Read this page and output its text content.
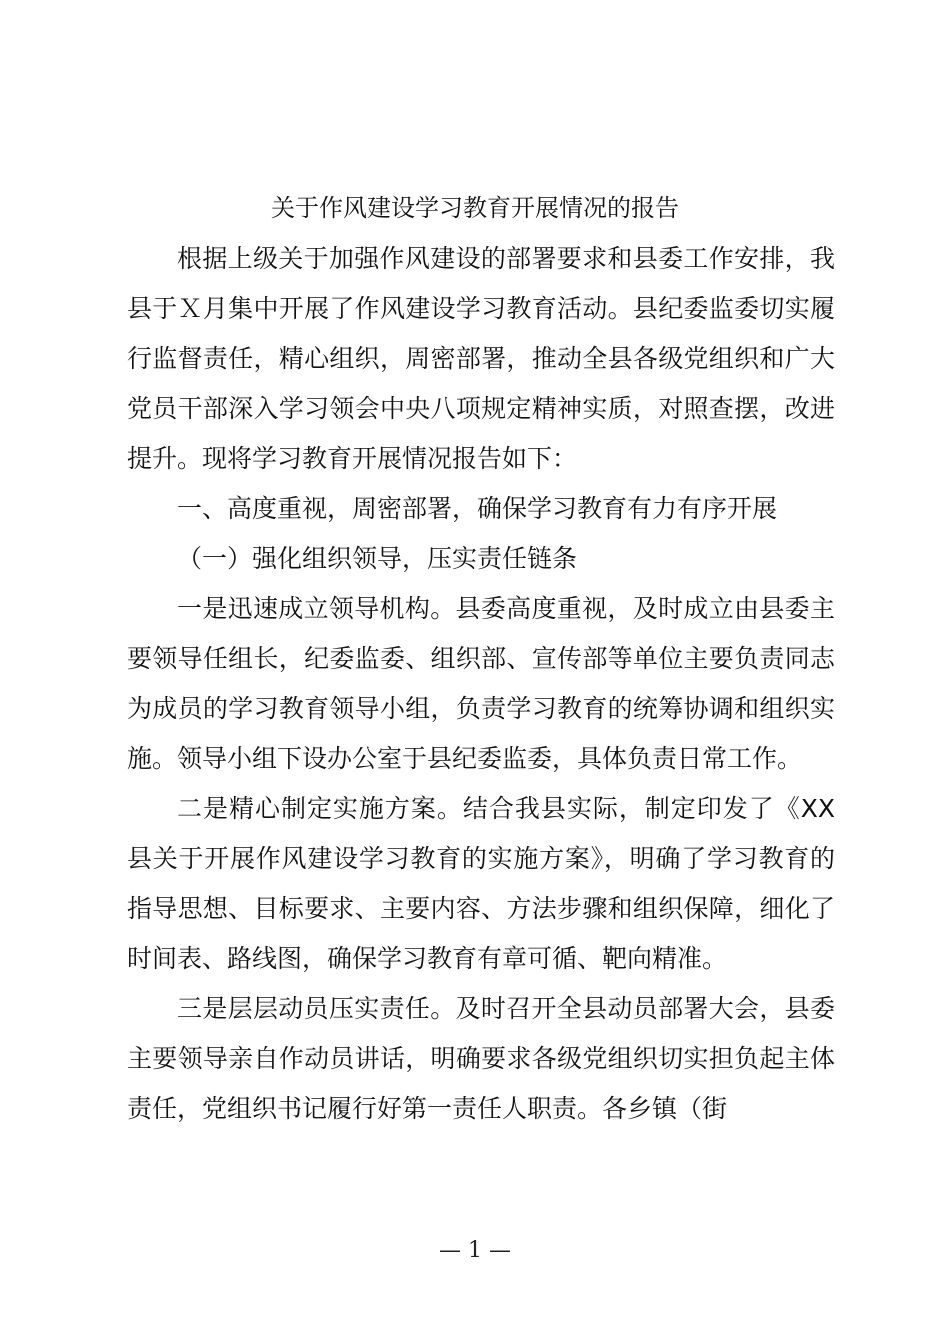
关于作风建设学习教育开展情况的报告

根据上级关于加强作风建设的部署要求和县委工作安排，我县于Ｘ月集中开展了作风建设学习教育活动。县纪委监委切实履行监督责任，精心组织，周密部署，推动全县各级党组织和广大党员干部深入学习领会中央八项规定精神实质，对照查摆，改进提升。现将学习教育开展情况报告如下：

一、高度重视，周密部署，确保学习教育有力有序开展

（一）强化组织领导，压实责任链条

一是迅速成立领导机构。县委高度重视，及时成立由县委主要领导任组长，纪委监委、组织部、宣传部等单位主要负责同志为成员的学习教育领导小组，负责学习教育的统筹协调和组织实施。领导小组下设办公室于县纪委监委，具体负责日常工作。

二是精心制定实施方案。结合我县实际，制定印发了《XX县关于开展作风建设学习教育的实施方案》，明确了学习教育的指导思想、目标要求、主要内容、方法步骤和组织保障，细化了时间表、路线图，确保学习教育有章可循、靶向精准。

三是层层动员压实责任。及时召开全县动员部署大会，县委主要领导亲自作动员讲话，明确要求各级党组织切实担负起主体责任，党组织书记履行好第一责任人职责。各乡镇（街

— 1 —
